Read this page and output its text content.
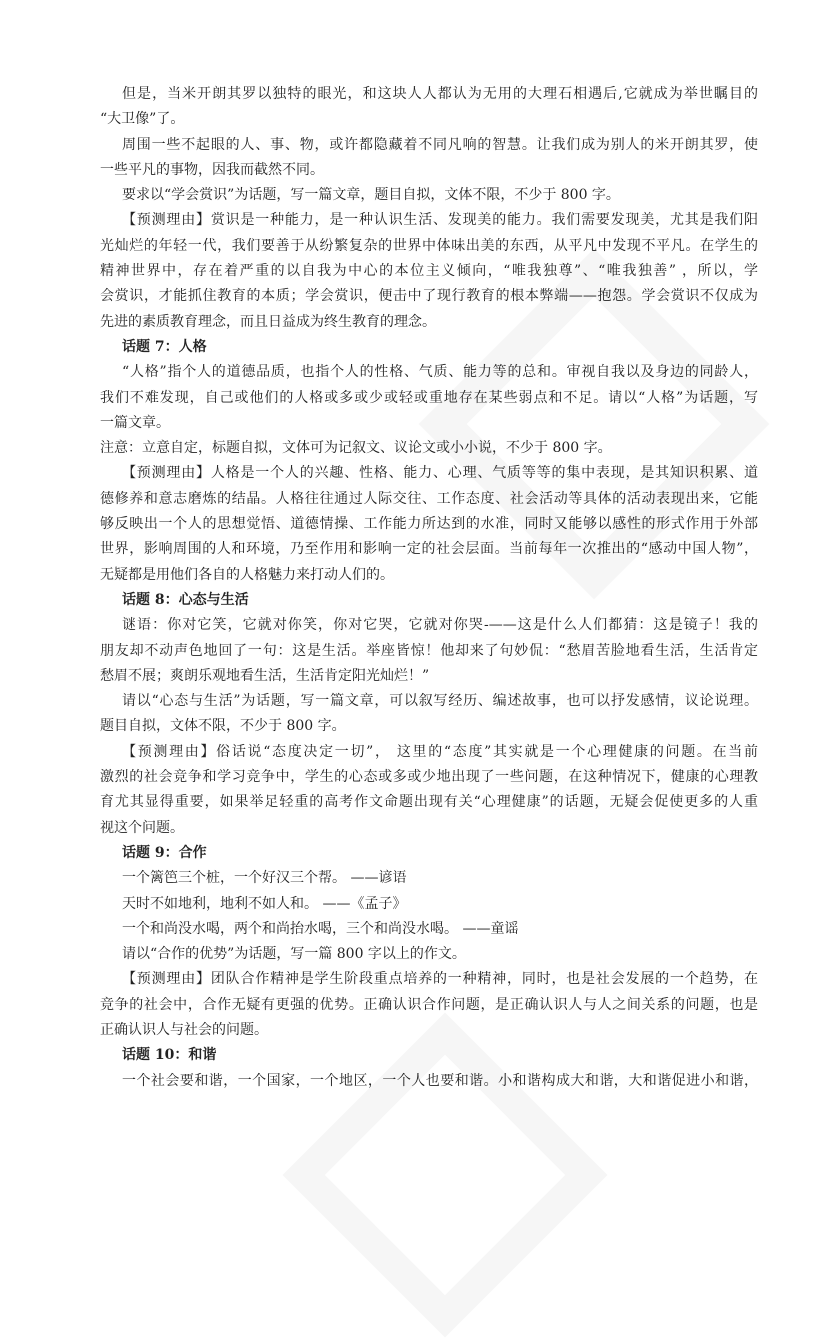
但是，当米开朗其罗以独特的眼光，和这块人人都认为无用的大理石相遇后,它就成为举世瞩目的
“大卫像”了。
周围一些不起眼的人、事、物，或许都隐藏着不同凡响的智慧。让我们成为别人的米开朗其罗，使
一些平凡的事物，因我而截然不同。
要求以“学会赏识”为话题，写一篇文章，题目自拟，文体不限，不少于 800 字。
【预测理由】赏识是一种能力，是一种认识生活、发现美的能力。我们需要发现美，尤其是我们阳
光灿烂的年轻一代，我们要善于从纷繁复杂的世界中体味出美的东西，从平凡中发现不平凡。在学生的
精神世界中，存在着严重的以自我为中心的本位主义倾向，“唯我独尊”、“唯我独善” ，所以，学
会赏识，才能抓住教育的本质；学会赏识，便击中了现行教育的根本弊端——抱怨。学会赏识不仅成为
先进的素质教育理念，而且日益成为终生教育的理念。
话题 7：人格
“人格”指个人的道德品质，也指个人的性格、气质、能力等的总和。审视自我以及身边的同龄人，
我们不难发现，自己或他们的人格或多或少或轻或重地存在某些弱点和不足。请以“人格”为话题，写
一篇文章。
注意：立意自定，标题自拟，文体可为记叙文、议论文或小小说，不少于 800 字。
【预测理由】人格是一个人的兴趣、性格、能力、心理、气质等等的集中表现，是其知识积累、道
德修养和意志磨炼的结晶。人格往往通过人际交往、工作态度、社会活动等具体的活动表现出来，它能
够反映出一个人的思想觉悟、道德情操、工作能力所达到的水准，同时又能够以感性的形式作用于外部
世界，影响周围的人和环境，乃至作用和影响一定的社会层面。当前每年一次推出的“感动中国人物”，
无疑都是用他们各自的人格魅力来打动人们的。
话题 8：心态与生活
谜语：你对它笑，它就对你笑，你对它哭，它就对你哭-——这是什么人们都猜：这是镜子！我的
朋友却不动声色地回了一句：这是生活。举座皆惊！他却来了句妙侃：“愁眉苦脸地看生活，生活肯定
愁眉不展；爽朗乐观地看生活，生活肯定阳光灿烂！”
请以“心态与生活”为话题，写一篇文章，可以叙写经历、编述故事，也可以抒发感情，议论说理。
题目自拟，文体不限，不少于 800 字。
【预测理由】俗话说“态度决定一切”， 这里的“态度”其实就是一个心理健康的问题。在当前
激烈的社会竞争和学习竞争中，学生的心态或多或少地出现了一些问题，在这种情况下，健康的心理教
育尤其显得重要，如果举足轻重的高考作文命题出现有关“心理健康”的话题，无疑会促使更多的人重
视这个问题。
话题 9：合作
一个篱笆三个桩，一个好汉三个帮。 ——谚语
天时不如地利，地利不如人和。 ——《孟子》
一个和尚没水喝，两个和尚抬水喝，三个和尚没水喝。 ——童谣
请以“合作的优势”为话题，写一篇 800 字以上的作文。
【预测理由】团队合作精神是学生阶段重点培养的一种精神，同时，也是社会发展的一个趋势，在
竞争的社会中，合作无疑有更强的优势。正确认识合作问题，是正确认识人与人之间关系的问题，也是
正确认识人与社会的问题。
话题 10：和谐
一个社会要和谐，一个国家，一个地区，一个人也要和谐。小和谐构成大和谐，大和谐促进小和谐，
